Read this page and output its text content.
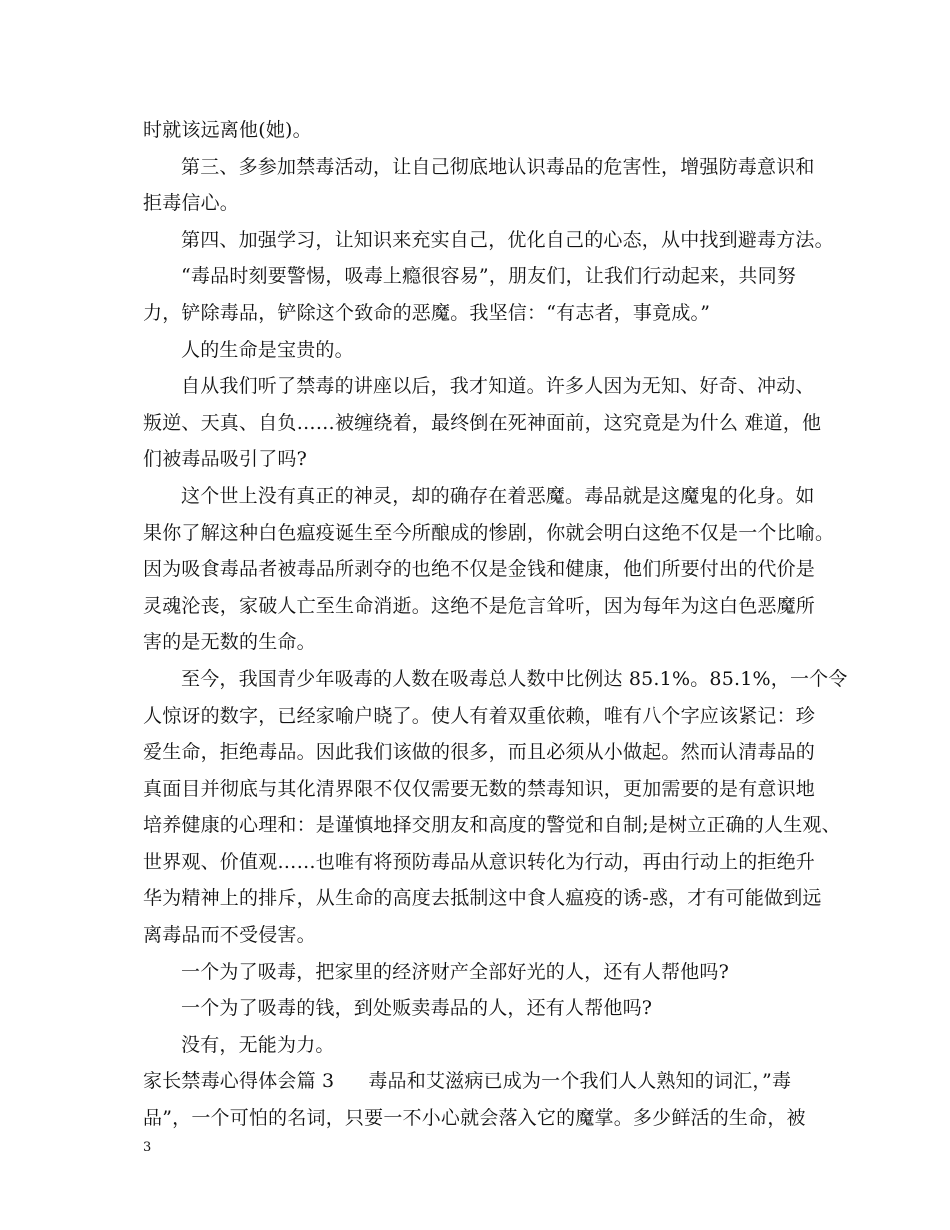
时就该远离他(她)。
第三、多参加禁毒活动，让自己彻底地认识毒品的危害性，增强防毒意识和
拒毒信心。
第四、加强学习，让知识来充实自己，优化自己的心态，从中找到避毒方法。
“毒品时刻要警惕，吸毒上瘾很容易”，朋友们，让我们行动起来，共同努
力，铲除毒品，铲除这个致命的恶魔。我坚信：“有志者，事竟成。”
人的生命是宝贵的。
自从我们听了禁毒的讲座以后，我才知道。许多人因为无知、好奇、冲动、
叛逆、天真、自负……被缠绕着，最终倒在死神面前，这究竟是为什么 难道，他
们被毒品吸引了吗?
这个世上没有真正的神灵，却的确存在着恶魔。毒品就是这魔鬼的化身。如
果你了解这种白色瘟疫诞生至今所酿成的惨剧，你就会明白这绝不仅是一个比喻。
因为吸食毒品者被毒品所剥夺的也绝不仅是金钱和健康，他们所要付出的代价是
灵魂沦丧，家破人亡至生命消逝。这绝不是危言耸听，因为每年为这白色恶魔所
害的是无数的生命。
至今，我国青少年吸毒的人数在吸毒总人数中比例达 85.1%。85.1%，一个令
人惊讶的数字，已经家喻户晓了。使人有着双重依赖，唯有八个字应该紧记：珍
爱生命，拒绝毒品。因此我们该做的很多，而且必须从小做起。然而认清毒品的
真面目并彻底与其化清界限不仅仅需要无数的禁毒知识，更加需要的是有意识地
培养健康的心理和：是谨慎地择交朋友和高度的警觉和自制;是树立正确的人生观、
世界观、价值观……也唯有将预防毒品从意识转化为行动，再由行动上的拒绝升
华为精神上的排斥，从生命的高度去抵制这中食人瘟疫的诱-惑，才有可能做到远
离毒品而不受侵害。
一个为了吸毒，把家里的经济财产全部好光的人，还有人帮他吗?
一个为了吸毒的钱，到处贩卖毒品的人，还有人帮他吗?
没有，无能为力。
家长禁毒心得体会篇 3 毒品和艾滋病已成为一个我们人人熟知的词汇，”毒
品”，一个可怕的名词，只要一不小心就会落入它的魔掌。多少鲜活的生命，被
3
